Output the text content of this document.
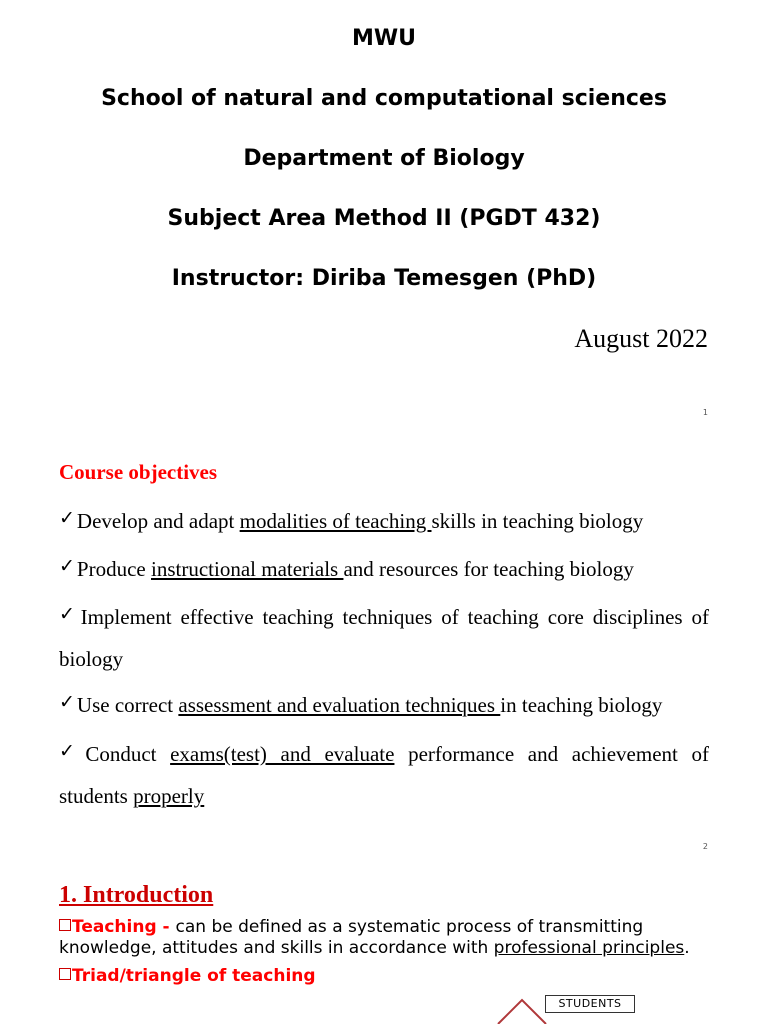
MWU
School of natural and computational sciences
Department of Biology
Subject Area Method II (PGDT 432)
Instructor: Diriba Temesgen (PhD)
August 2022
1
Course objectives
✓Develop and adapt modalities of teaching skills in teaching biology
✓Produce instructional materials and resources for teaching biology
✓Implement effective teaching techniques of teaching core disciplines of biology
✓Use correct assessment and evaluation techniques in teaching biology
✓Conduct exams(test) and evaluate performance and achievement of students properly
2
1. Introduction
Teaching - can be defined as a systematic process of transmitting knowledge, attitudes and skills in accordance with professional principles.
Triad/triangle of teaching
STUDENTS
